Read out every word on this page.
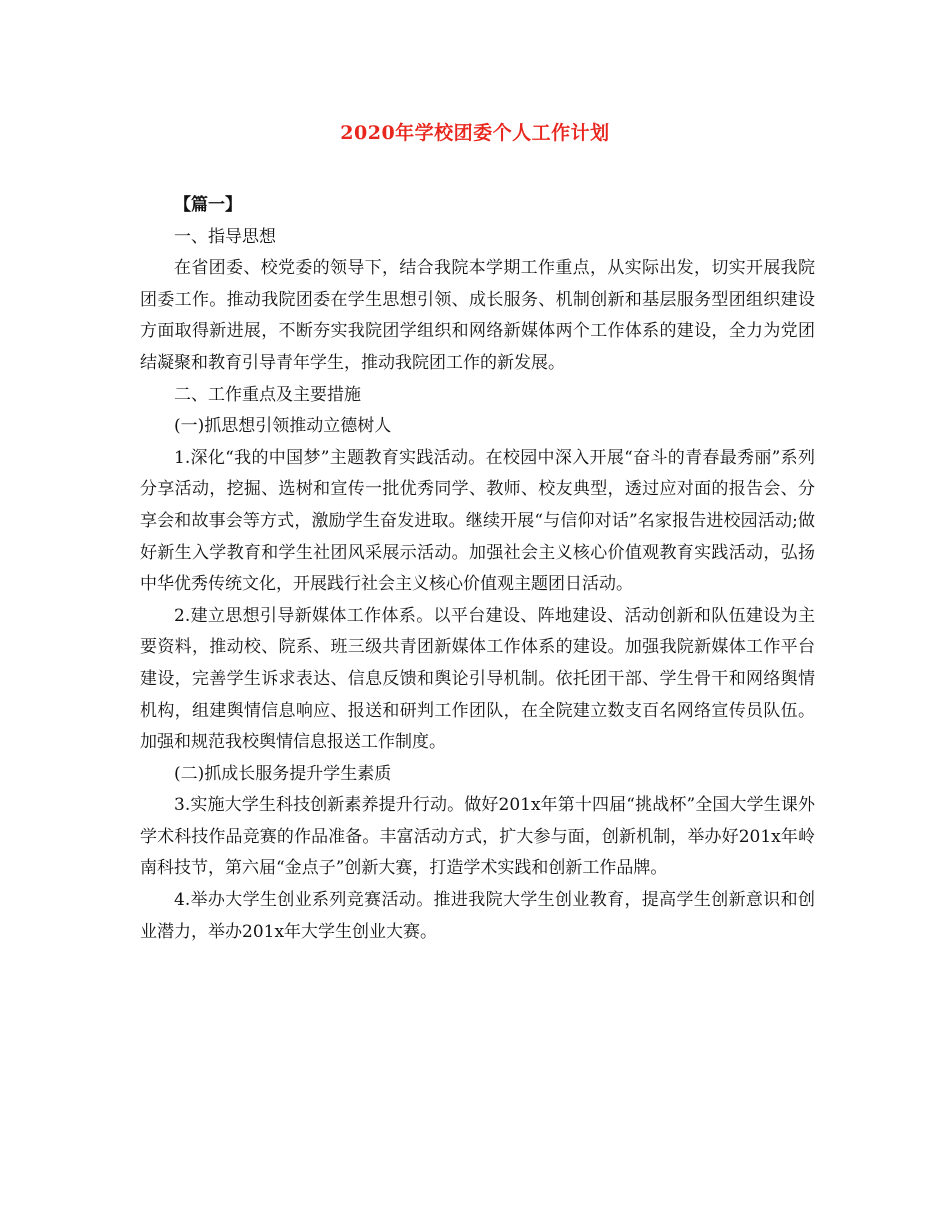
2020年学校团委个人工作计划

【篇一】

一、指导思想

在省团委、校党委的领导下，结合我院本学期工作重点，从实际出发，切实开展我院团委工作。推动我院团委在学生思想引领、成长服务、机制创新和基层服务型团组织建设方面取得新进展，不断夯实我院团学组织和网络新媒体两个工作体系的建设，全力为党团结凝聚和教育引导青年学生，推动我院团工作的新发展。

二、工作重点及主要措施

(一)抓思想引领推动立德树人

1.深化“我的中国梦”主题教育实践活动。在校园中深入开展“奋斗的青春最秀丽”系列分享活动，挖掘、选树和宣传一批优秀同学、教师、校友典型，透过应对面的报告会、分享会和故事会等方式，激励学生奋发进取。继续开展“与信仰对话”名家报告进校园活动;做好新生入学教育和学生社团风采展示活动。加强社会主义核心价值观教育实践活动，弘扬中华优秀传统文化，开展践行社会主义核心价值观主题团日活动。

2.建立思想引导新媒体工作体系。以平台建设、阵地建设、活动创新和队伍建设为主要资料，推动校、院系、班三级共青团新媒体工作体系的建设。加强我院新媒体工作平台建设，完善学生诉求表达、信息反馈和舆论引导机制。依托团干部、学生骨干和网络舆情机构，组建舆情信息响应、报送和研判工作团队，在全院建立数支百名网络宣传员队伍。加强和规范我校舆情信息报送工作制度。

(二)抓成长服务提升学生素质

3.实施大学生科技创新素养提升行动。做好201x年第十四届“挑战杯”全国大学生课外学术科技作品竞赛的作品准备。丰富活动方式，扩大参与面，创新机制，举办好201x年岭南科技节，第六届“金点子”创新大赛，打造学术实践和创新工作品牌。

4.举办大学生创业系列竞赛活动。推进我院大学生创业教育，提高学生创新意识和创业潜力，举办201x年大学生创业大赛。
